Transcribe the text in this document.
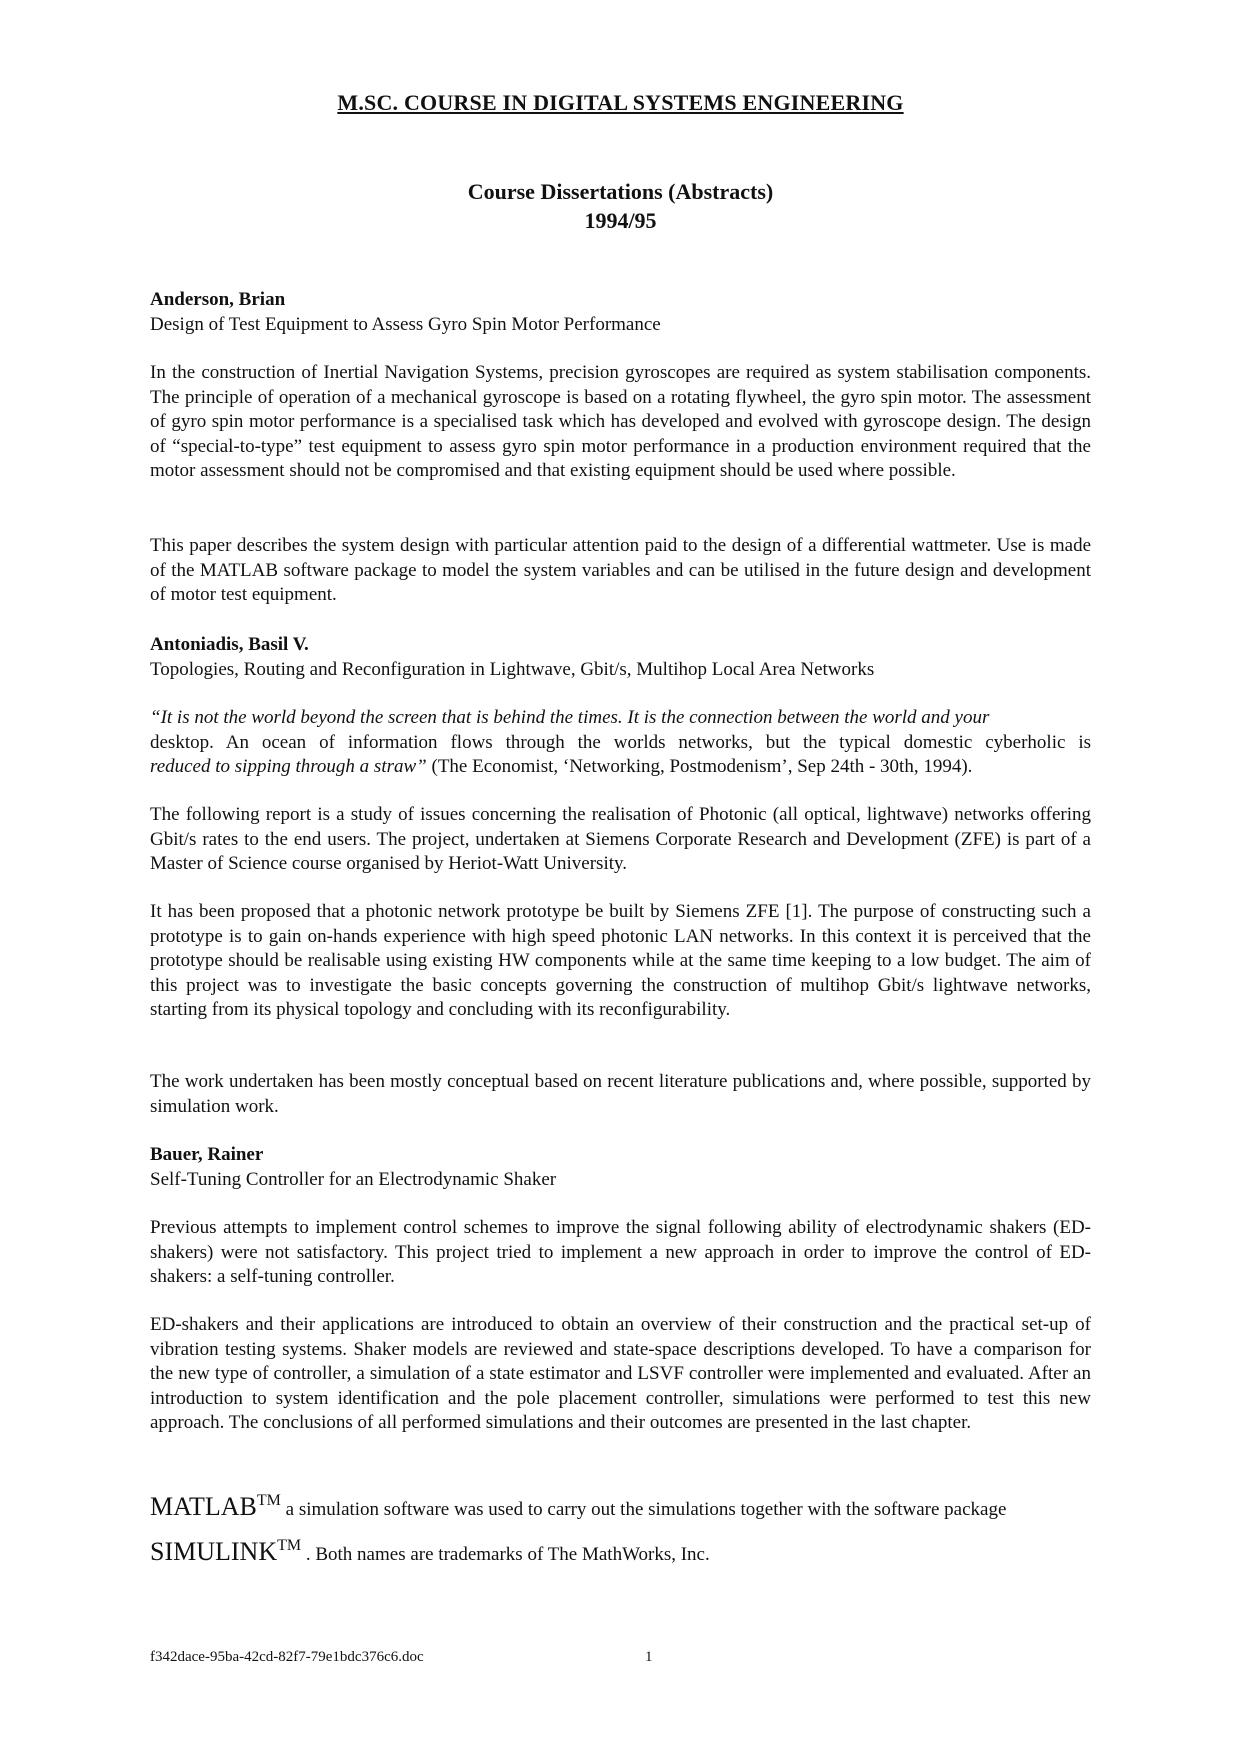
M.SC. COURSE IN DIGITAL SYSTEMS ENGINEERING
Course Dissertations (Abstracts)
1994/95
Anderson, Brian
Design of Test Equipment to Assess Gyro Spin Motor Performance

In the construction of Inertial Navigation Systems, precision gyroscopes are required as system stabilisation components. The principle of operation of a mechanical gyroscope is based on a rotating flywheel, the gyro spin motor. The assessment of gyro spin motor performance is a specialised task which has developed and evolved with gyroscope design. The design of “special-to-type” test equipment to assess gyro spin motor performance in a production environment required that the motor assessment should not be compromised and that existing equipment should be used where possible.

This paper describes the system design with particular attention paid to the design of a differential wattmeter. Use is made of the MATLAB software package to model the system variables and can be utilised in the future design and development of motor test equipment.

Antoniadis, Basil V.
Topologies, Routing and Reconfiguration in Lightwave, Gbit/s, Multihop Local Area Networks
“It is not the world beyond the screen that is behind the times. It is the connection between the world and your
desktop. An ocean of information flows through the worlds networks, but the typical domestic cyberholic is
reduced to sipping through a straw” (The Economist, ‘Networking, Postmodenism’, Sep 24th - 30th, 1994).

The following report is a study of issues concerning the realisation of Photonic (all optical, lightwave) networks offering Gbit/s rates to the end users. The project, undertaken at Siemens Corporate Research and Development (ZFE) is part of a Master of Science course organised by Heriot-Watt University.

It has been proposed that a photonic network prototype be built by Siemens ZFE [1]. The purpose of constructing such a prototype is to gain on-hands experience with high speed photonic LAN networks. In this context it is perceived that the prototype should be realisable using existing HW components while at the same time keeping to a low budget. The aim of this project was to investigate the basic concepts governing the construction of multihop Gbit/s lightwave networks, starting from its physical topology and concluding with its reconfigurability.

The work undertaken has been mostly conceptual based on recent literature publications and, where possible, supported by simulation work.

Bauer, Rainer
Self-Tuning Controller for an Electrodynamic Shaker

Previous attempts to implement control schemes to improve the signal following ability of electrodynamic shakers (ED-shakers) were not satisfactory. This project tried to implement a new approach in order to improve the control of ED-shakers: a self-tuning controller.

ED-shakers and their applications are introduced to obtain an overview of their construction and the practical set-up of vibration testing systems. Shaker models are reviewed and state-space descriptions developed. To have a comparison for the new type of controller, a simulation of a state estimator and LSVF controller were implemented and evaluated. After an introduction to system identification and the pole placement controller, simulations were performed to test this new approach. The conclusions of all performed simulations and their outcomes are presented in the last chapter.

MATLAB™ a simulation software was used to carry out the simulations together with the software package
SIMULINK™ . Both names are trademarks of The MathWorks, Inc.
f342dace-95ba-42cd-82f7-79e1bdc376c6.doc	1
